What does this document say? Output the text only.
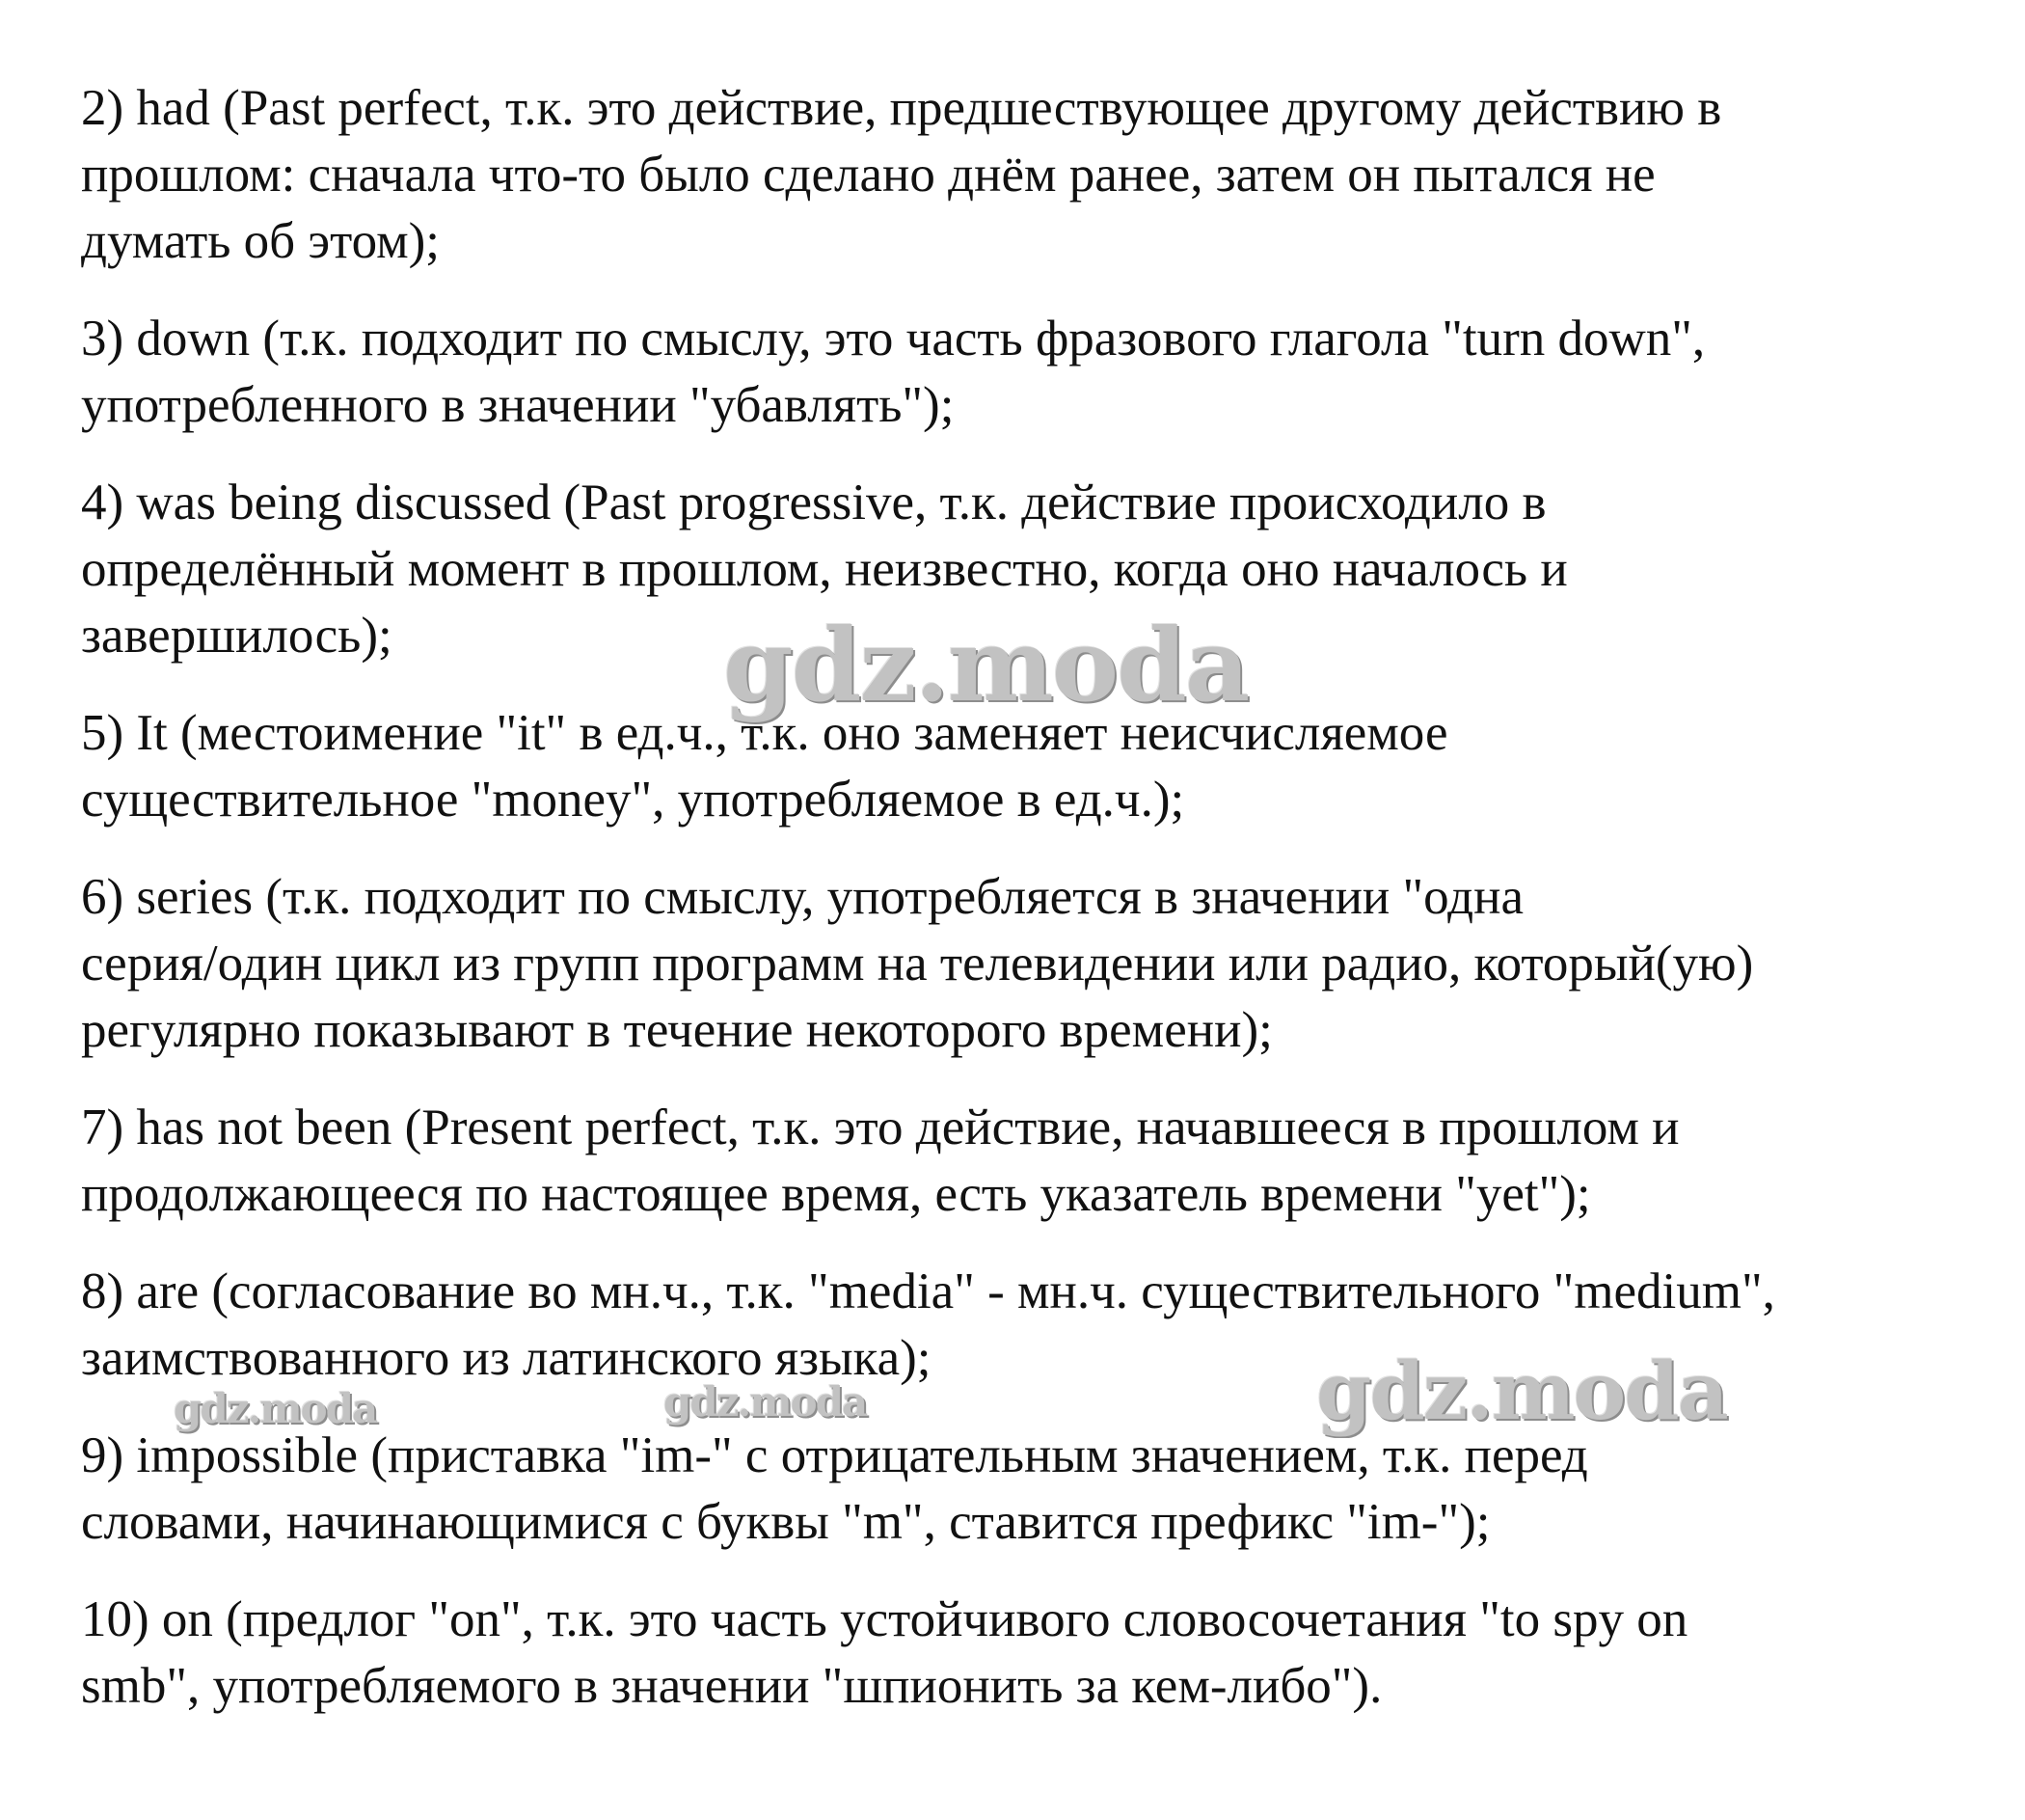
2) had (Past perfect, т.к. это действие, предшествующее другому действию в
прошлом: сначала что-то было сделано днём ранее, затем он пытался не
думать об этом);
3) down (т.к. подходит по смыслу, это часть фразового глагола "turn down",
употребленного в значении "убавлять");
4) was being discussed (Past progressive, т.к. действие происходило в
определённый момент в прошлом, неизвестно, когда оно началось и
завершилось);
5) It (местоимение "it" в ед.ч., т.к. оно заменяет неисчисляемое
существительное "money", употребляемое в ед.ч.);
6) series (т.к. подходит по смыслу, употребляется в значении "одна
серия/один цикл из групп программ на телевидении или радио, который(ую)
регулярно показывают в течение некоторого времени);
7) has not been (Present perfect, т.к. это действие, начавшееся в прошлом и
продолжающееся по настоящее время, есть указатель времени "yet");
8) are (согласование во мн.ч., т.к. "media" - мн.ч. существительного "medium",
заимствованного из латинского языка);
9) impossible (приставка "im-" с отрицательным значением, т.к. перед
словами, начинающимися с буквы "m", ставится префикс "im-");
10) on (предлог "on", т.к. это часть устойчивого словосочетания "to spy on
smb", употребляемого в значении "шпионить за кем-либо").
gdz.moda
gdz.moda
gdz.moda	gdz.moda
